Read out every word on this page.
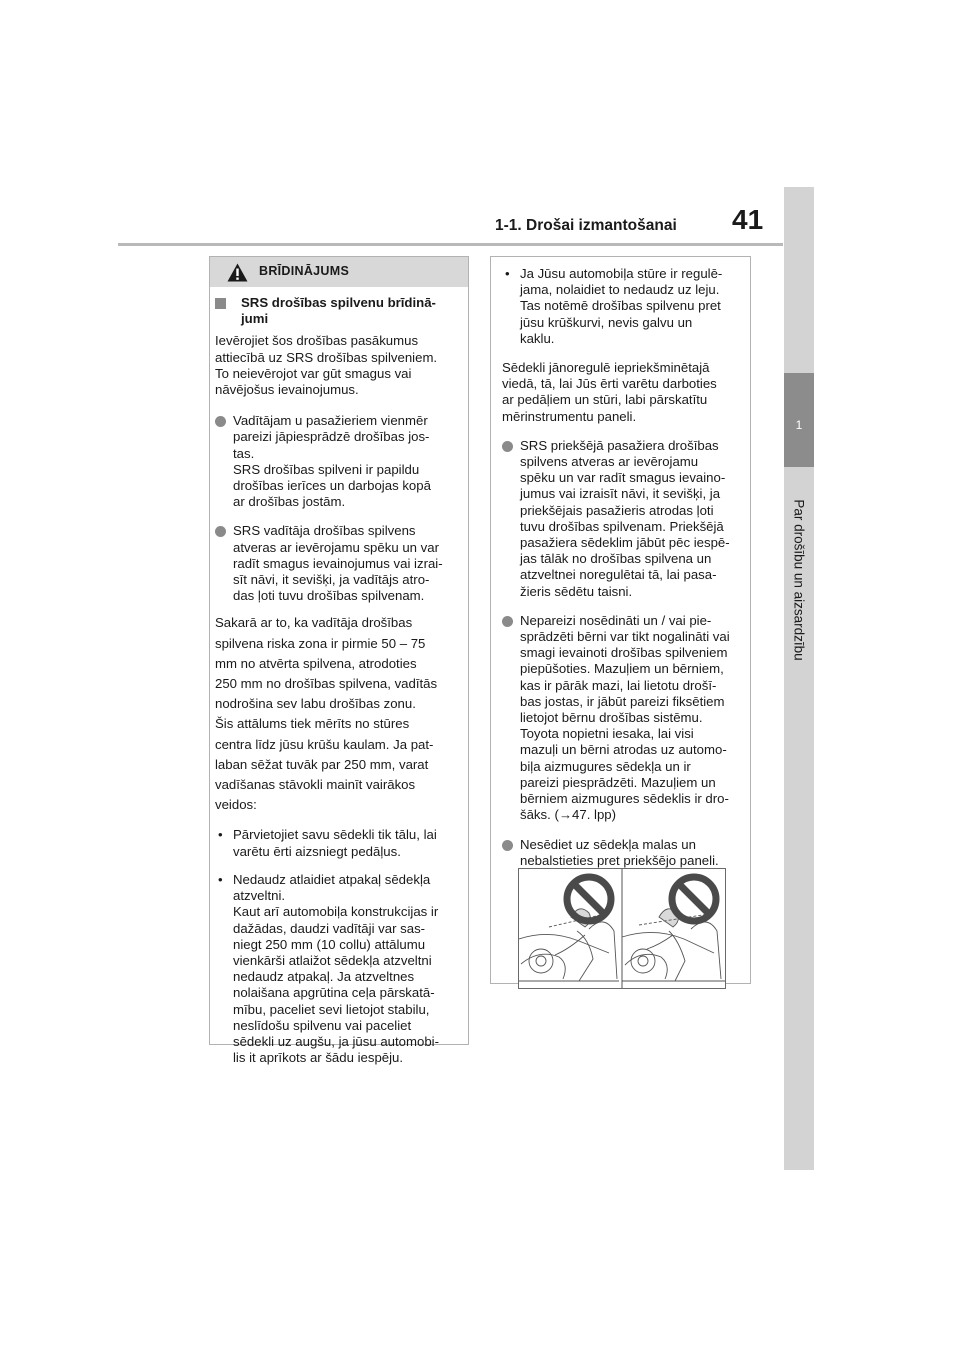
1-1. Drošai izmantošanai 41
1
Par drošību un aizsardzību
BRĪDINĀJUMS
SRS drošības spilvenu brīdinā-
jumi

Ievērojiet šos drošības pasākumus
attiecībā uz SRS drošības spilveniem.
To neievērojot var gūt smagus vai
nāvējošus ievainojumus.

Vadītājam u pasažieriem vienmēr
pareizi jāpiesprādzē drošības jos-
tas.
SRS drošības spilveni ir papildu
drošības ierīces un darbojas kopā
ar drošības jostām.
SRS vadītāja drošības spilvens
atveras ar ievērojamu spēku un var
radīt smagus ievainojumus vai izrai-
sīt nāvi, it sevišķi, ja vadītājs atro-
das ļoti tuvu drošības spilvenam.

Sakarā ar to, ka vadītāja drošības
spilvena riska zona ir pirmie 50 – 75
mm no atvērta spilvena, atrodoties
250 mm no drošības spilvena, vadītās
nodrošina sev labu drošības zonu.
Šis attālums tiek mērīts no stūres
centra līdz jūsu krūšu kaulam. Ja pat-
laban sēžat tuvāk par 250 mm, varat
vadīšanas stāvokli mainīt vairākos
veidos:

• Pārvietojiet savu sēdekli tik tālu, lai
varētu ērti aizsniegt pedāļus.
• Nedaudz atlaidiet atpakaļ sēdekļa
atzveltni.
Kaut arī automobiļa konstrukcijas ir
dažādas, daudzi vadītāji var sas-
niegt 250 mm (10 collu) attālumu
vienkārši atlaižot sēdekļa atzveltni
nedaudz atpakaļ. Ja atzveltnes
nolaišana apgrūtina ceļa pārskatā-
mību, paceliet sevi lietojot stabilu,
neslīdošu spilvenu vai paceliet
sēdekli uz augšu, ja jūsu automobi-
lis it aprīkots ar šādu iespēju.
• Ja Jūsu automobiļa stūre ir regulē-
jama, nolaidiet to nedaudz uz leju.
Tas notēmē drošības spilvenu pret
jūsu krūškurvi, nevis galvu un
kaklu.

Sēdekli jānoregulē iepriekšminētajā
viedā, tā, lai Jūs ērti varētu darboties
ar pedāļiem un stūri, labi pārskatītu
mērinstrumentu paneli.

SRS priekšējā pasažiera drošības
spilvens atveras ar ievērojamu
spēku un var radīt smagus ievaino-
jumus vai izraisīt nāvi, it sevišķi, ja
priekšējais pasažieris atrodas ļoti
tuvu drošības spilvenam. Priekšējā
pasažiera sēdeklim jābūt pēc iespē-
jas tālāk no drošības spilvena un
atzveltnei noregulētai tā, lai pasa-
žieris sēdētu taisni.
Nepareizi nosēdināti un / vai pie-
sprādzēti bērni var tikt nogalināti vai
smagi ievainoti drošības spilveniem
piepūšoties. Mazuļiem un bērniem,
kas ir pārāk mazi, lai lietotu drošī-
bas jostas, ir jābūt pareizi fiksētiem
lietojot bērnu drošības sistēmu.
Toyota nopietni iesaka, lai visi
mazuļi un bērni atrodas uz automo-
biļa aizmugures sēdekļa un ir
pareizi piesprādzēti. Mazuļiem un
bērniem aizmugures sēdeklis ir dro-
šāks. (→47. lpp)
Nesēdiet uz sēdekļa malas un
nebalstieties pret priekšējo paneli.
